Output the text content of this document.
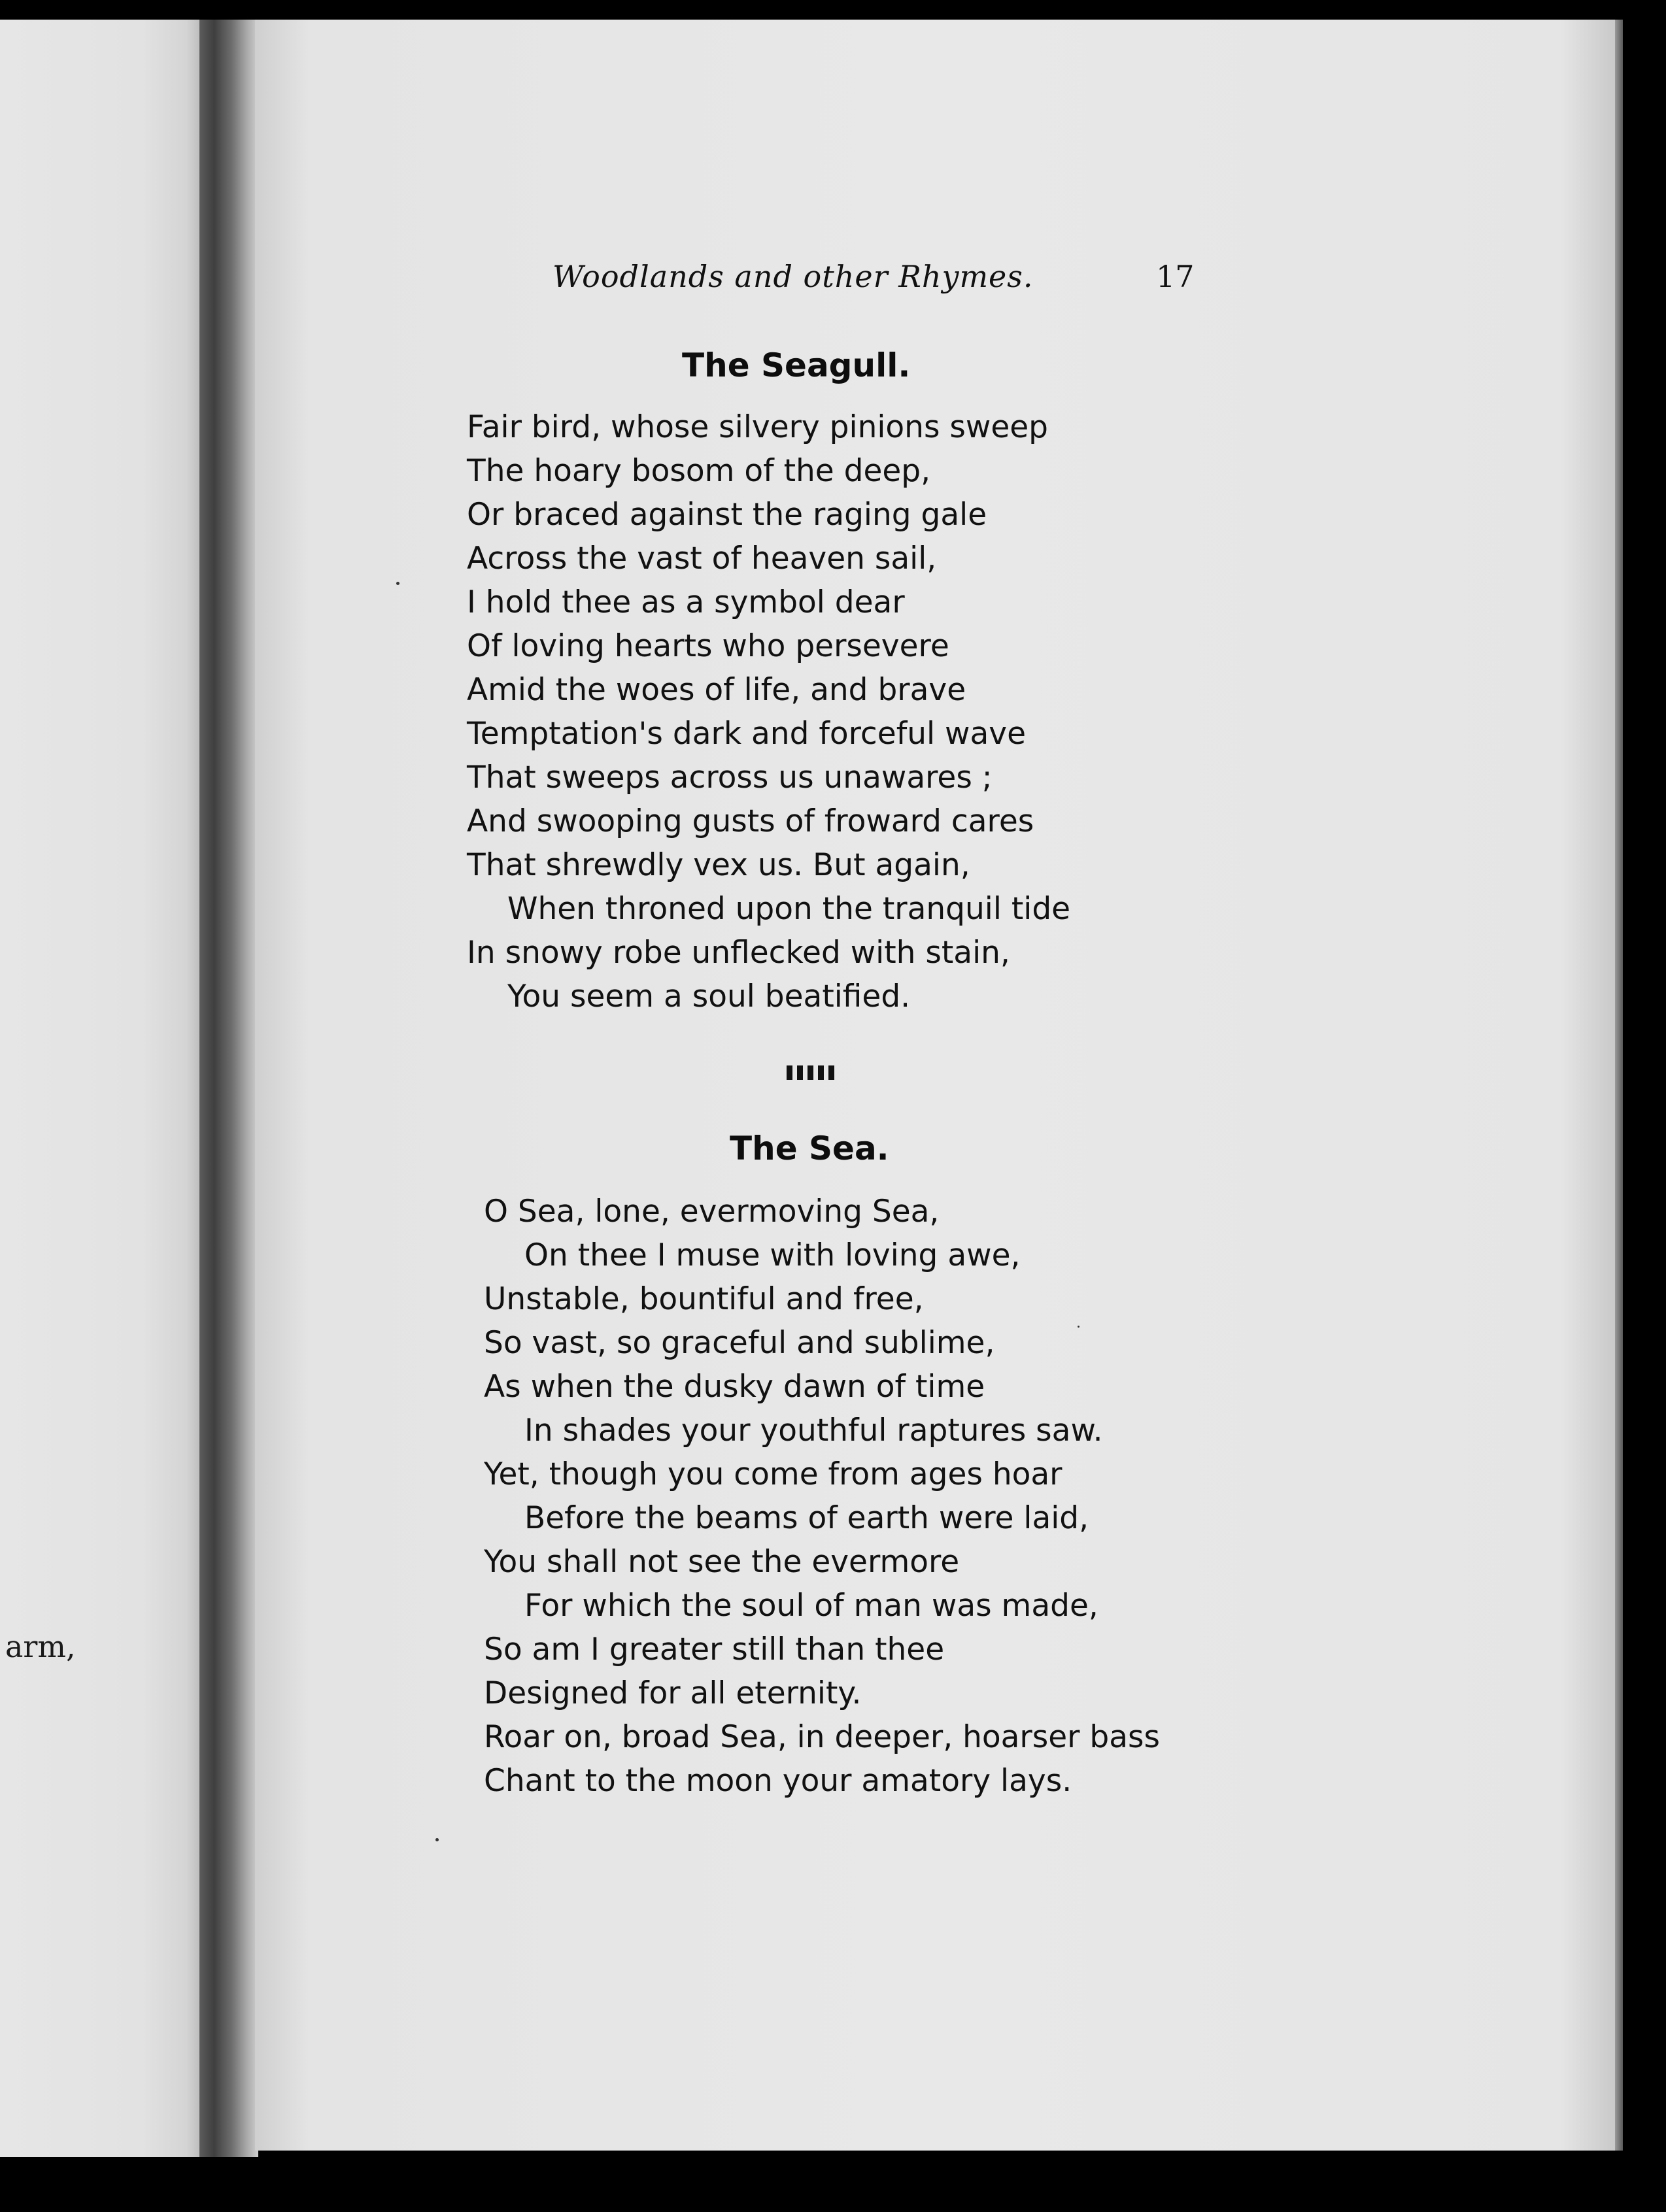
arm,
Woodlands and other Rhymes.	17
The Seagull.
Fair bird, whose silvery pinions sweep
The hoary bosom of the deep,
Or braced against the raging gale
Across the vast of heaven sail,
I hold thee as a symbol dear
Of loving hearts who persevere
Amid the woes of life, and brave
Temptation's dark and forceful wave
That sweeps across us unawares ;
And swooping gusts of froward cares
That shrewdly vex us. But again,
When throned upon the tranquil tide
In snowy robe unflecked with stain,
You seem a soul beatified.
The Sea.
O Sea, lone, evermoving Sea,
On thee I muse with loving awe,
Unstable, bountiful and free,
So vast, so graceful and sublime,
As when the dusky dawn of time
In shades your youthful raptures saw.
Yet, though you come from ages hoar
Before the beams of earth were laid,
You shall not see the evermore
For which the soul of man was made,
So am I greater still than thee
Designed for all eternity.
Roar on, broad Sea, in deeper, hoarser bass
Chant to the moon your amatory lays.
